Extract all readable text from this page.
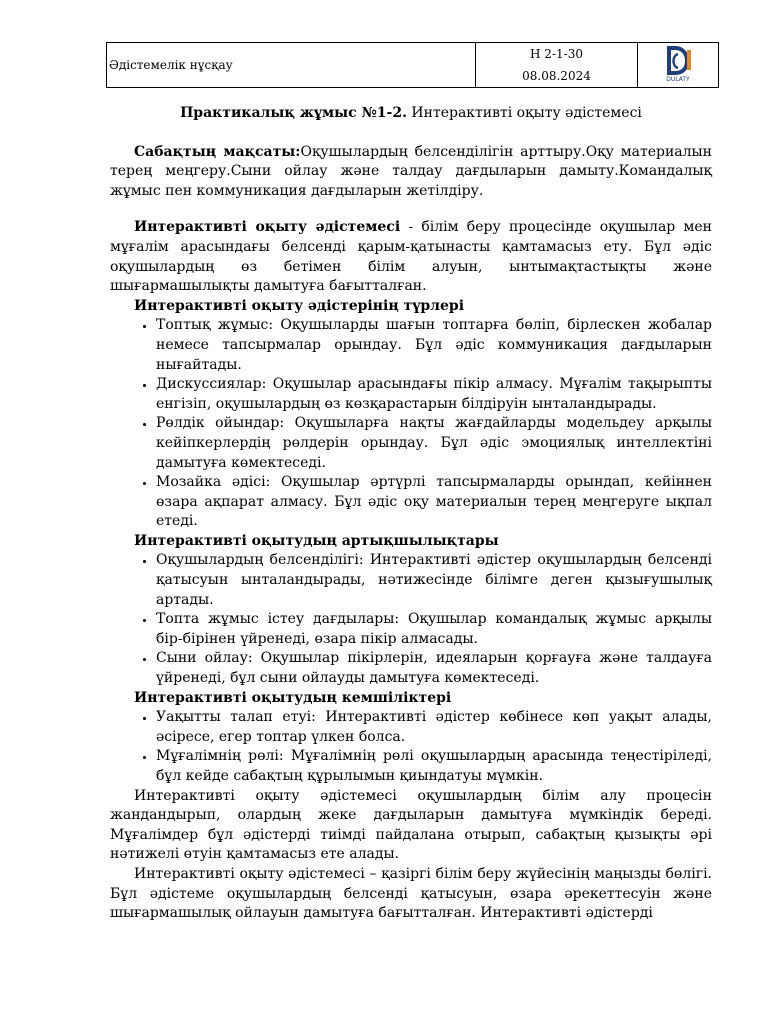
Әдістемелік нұсқау	
Н 2-1-30
08.08.2024	DULATY
Практикалық жұмыс №1-2. Интерактивті оқыту әдістемесі

Сабақтың мақсаты:Оқушылардың белсенділігін арттыру.Оқу материалын терең меңгеру.Сыни ойлау және талдау дағдыларын дамыту.Командалық жұмыс пен коммуникация дағдыларын жетілдіру.

Интерактивті оқыту әдістемесі - білім беру процесінде оқушылар мен мұғалім арасындағы белсенді қарым-қатынасты қамтамасыз ету. Бұл әдіс оқушылардың өз бетімен білім алуын, ынтымақтастықты және шығармашылықты дамытуға бағытталған.

Интерактивті оқыту әдістерінің түрлері
• Топтық жұмыс: Оқушыларды шағын топтарға бөліп, бірлескен жобалар немесе тапсырмалар орындау. Бұл әдіс коммуникация дағдыларын нығайтады.
• Дискуссиялар: Оқушылар арасындағы пікір алмасу. Мұғалім тақырыпты енгізіп, оқушылардың өз көзқарастарын білдіруін ынталандырады.
• Рөлдік ойындар: Оқушыларға нақты жағдайларды модельдеу арқылы кейіпкерлердің рөлдерін орындау. Бұл әдіс эмоциялық интеллектіні дамытуға көмектеседі.
• Мозайка әдісі: Оқушылар әртүрлі тапсырмаларды орындап, кейіннен өзара ақпарат алмасу. Бұл әдіс оқу материалын терең меңгеруге ықпал етеді.
Интерактивті оқытудың артықшылықтары
• Оқушылардың белсенділігі: Интерактивті әдістер оқушылардың белсенді қатысуын ынталандырады, нәтижесінде білімге деген қызығушылық артады.
• Топта жұмыс істеу дағдылары: Оқушылар командалық жұмыс арқылы бір-бірінен үйренеді, өзара пікір алмасады.
• Сыни ойлау: Оқушылар пікірлерін, идеяларын қорғауға және талдауға үйренеді, бұл сыни ойлауды дамытуға көмектеседі.
Интерактивті оқытудың кемшіліктері
• Уақытты талап етуі: Интерактивті әдістер көбінесе көп уақыт алады, әсіресе, егер топтар үлкен болса.
• Мұғалімнің рөлі: Мұғалімнің рөлі оқушылардың арасында теңестіріледі, бұл кейде сабақтың құрылымын қиындатуы мүмкін.

Интерактивті оқыту әдістемесі оқушылардың білім алу процесін жандандырып, олардың жеке дағдыларын дамытуға мүмкіндік береді. Мұғалімдер бұл әдістерді тиімді пайдалана отырып, сабақтың қызықты әрі нәтижелі өтуін қамтамасыз ете алады.

Интерактивті оқыту әдістемесі – қазіргі білім беру жүйесінің маңызды бөлігі. Бұл әдістеме оқушылардың белсенді қатысуын, өзара әрекеттесуін және шығармашылық ойлауын дамытуға бағытталған. Интерактивті әдістерді
